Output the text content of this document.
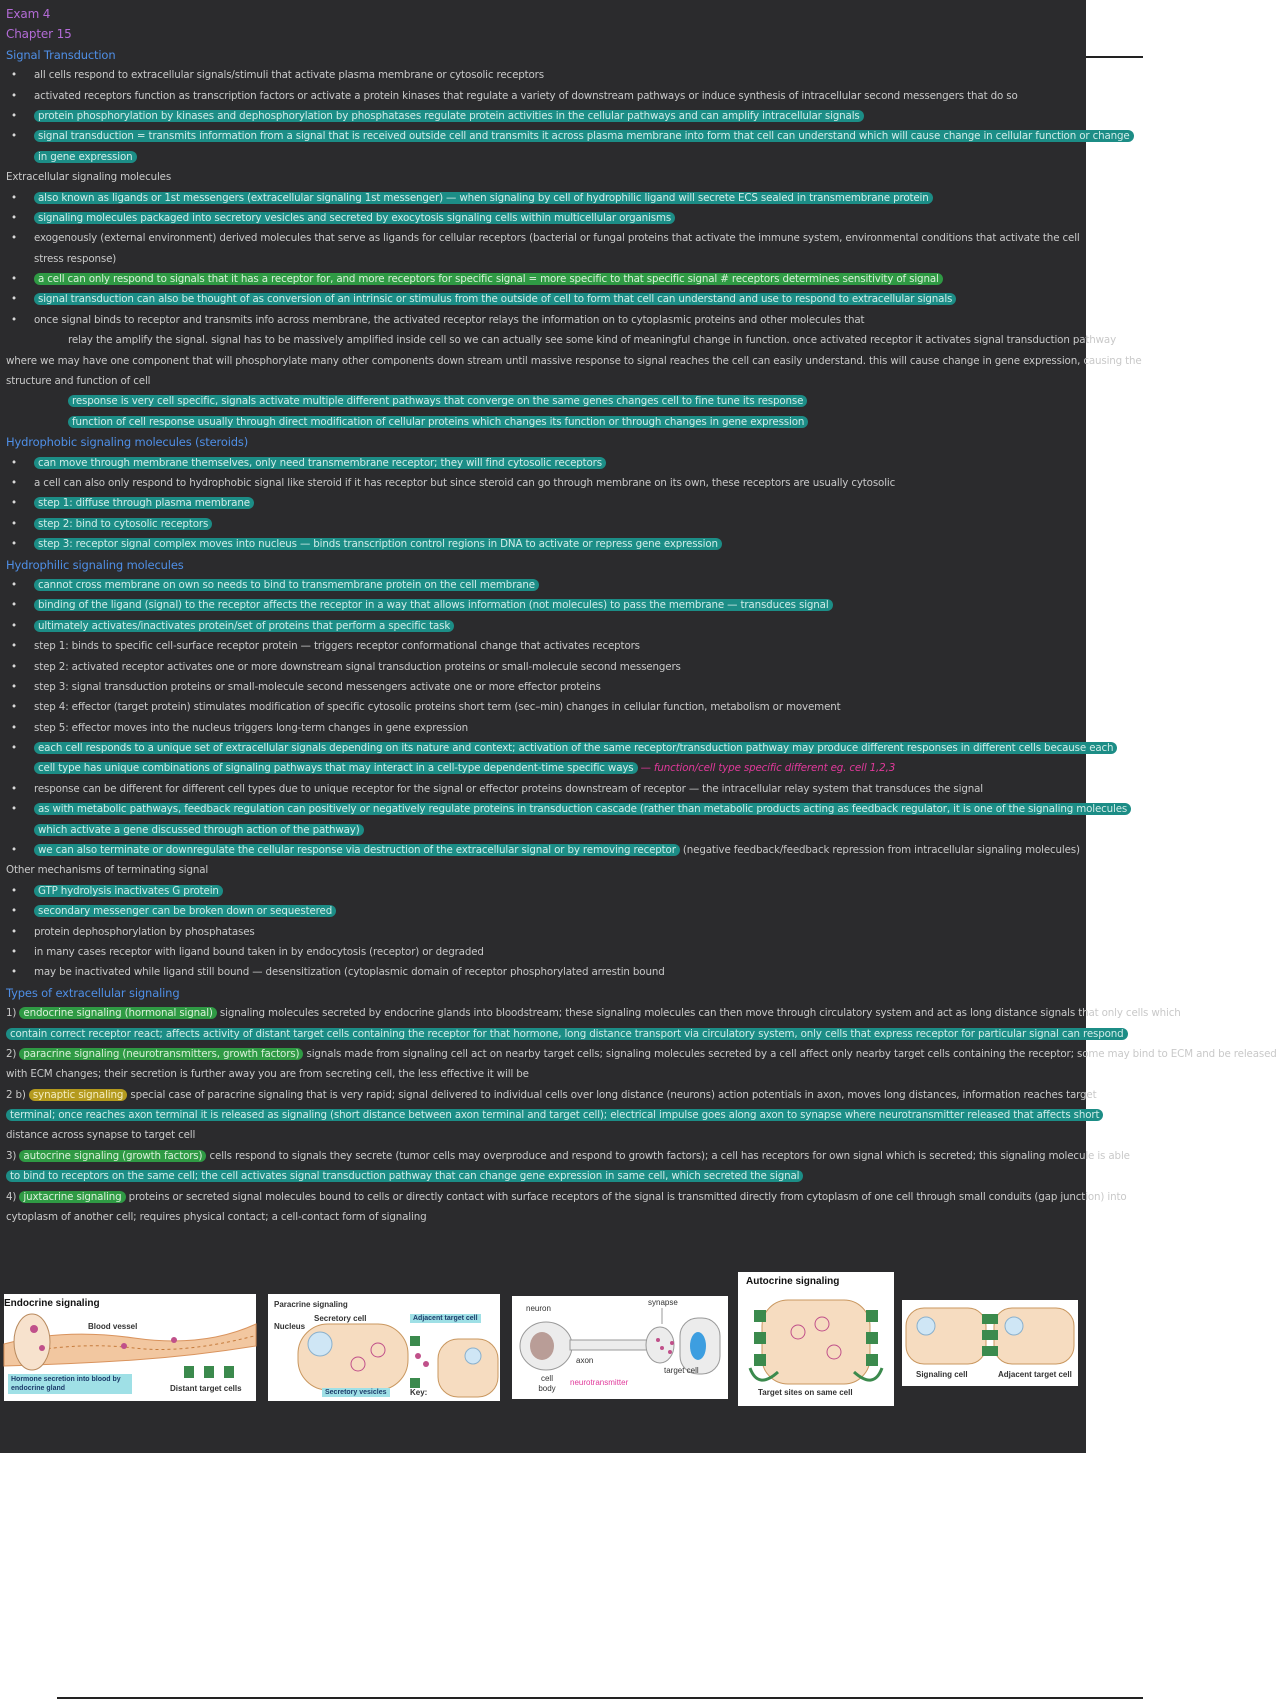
Exam 4
Chapter 15
Signal Transduction
• all cells respond to extracellular signals/stimuli that activate plasma membrane or cytosolic receptors
• activated receptors function as transcription factors or activate a protein kinases that regulate a variety of downstream pathways or induce synthesis of intracellular second messengers that do so
• protein phosphorylation by kinases and dephosphorylation by phosphatases regulate protein activities in the cellular pathways and can amplify intracellular signals
• signal transduction = transmits information from a signal that is received outside cell and transmits it across plasma membrane into form that cell can understand which will cause change in cellular function or change
in gene expression
Extracellular signaling molecules
• also known as ligands or 1st messengers (extracellular signaling 1st messenger) — when signaling by cell of hydrophilic ligand will secrete ECS sealed in transmembrane protein
• signaling molecules packaged into secretory vesicles and secreted by exocytosis signaling cells within multicellular organisms
• exogenously (external environment) derived molecules that serve as ligands for cellular receptors (bacterial or fungal proteins that activate the immune system, environmental conditions that activate the cell
stress response)
• a cell can only respond to signals that it has a receptor for, and more receptors for specific signal = more specific to that specific signal # receptors determines sensitivity of signal
• signal transduction can also be thought of as conversion of an intrinsic or stimulus from the outside of cell to form that cell can understand and use to respond to extracellular signals
• once signal binds to receptor and transmits info across membrane, the activated receptor relays the information on to cytoplasmic proteins and other molecules that
relay the amplify the signal. signal has to be massively amplified inside cell so we can actually see some kind of meaningful change in function. once activated receptor it activates signal transduction pathway
where we may have one component that will phosphorylate many other components down stream until massive response to signal reaches the cell can easily understand. this will cause change in gene expression, causing the
structure and function of cell
response is very cell specific, signals activate multiple different pathways that converge on the same genes changes cell to fine tune its response
function of cell response usually through direct modification of cellular proteins which changes its function or through changes in gene expression
Hydrophobic signaling molecules (steroids)
• can move through membrane themselves, only need transmembrane receptor; they will find cytosolic receptors
• a cell can also only respond to hydrophobic signal like steroid if it has receptor but since steroid can go through membrane on its own, these receptors are usually cytosolic
• step 1: diffuse through plasma membrane
• step 2: bind to cytosolic receptors
• step 3: receptor signal complex moves into nucleus — binds transcription control regions in DNA to activate or repress gene expression
Hydrophilic signaling molecules
• cannot cross membrane on own so needs to bind to transmembrane protein on the cell membrane
• binding of the ligand (signal) to the receptor affects the receptor in a way that allows information (not molecules) to pass the membrane — transduces signal
• ultimately activates/inactivates protein/set of proteins that perform a specific task
• step 1: binds to specific cell-surface receptor protein — triggers receptor conformational change that activates receptors
• step 2: activated receptor activates one or more downstream signal transduction proteins or small-molecule second messengers
• step 3: signal transduction proteins or small-molecule second messengers activate one or more effector proteins
• step 4: effector (target protein) stimulates modification of specific cytosolic proteins short term (sec–min) changes in cellular function, metabolism or movement
• step 5: effector moves into the nucleus triggers long-term changes in gene expression
• each cell responds to a unique set of extracellular signals depending on its nature and context; activation of the same receptor/transduction pathway may produce different responses in different cells because each
cell type has unique combinations of signaling pathways that may interact in a cell-type dependent-time specific ways — function/cell type specific different eg. cell 1,2,3
• response can be different for different cell types due to unique receptor for the signal or effector proteins downstream of receptor — the intracellular relay system that transduces the signal
• as with metabolic pathways, feedback regulation can positively or negatively regulate proteins in transduction cascade (rather than metabolic products acting as feedback regulator, it is one of the signaling molecules
which activate a gene discussed through action of the pathway)
• we can also terminate or downregulate the cellular response via destruction of the extracellular signal or by removing receptor (negative feedback/feedback repression from intracellular signaling molecules)
Other mechanisms of terminating signal
• GTP hydrolysis inactivates G protein
• secondary messenger can be broken down or sequestered
• protein dephosphorylation by phosphatases
• in many cases receptor with ligand bound taken in by endocytosis (receptor) or degraded
• may be inactivated while ligand still bound — desensitization (cytoplasmic domain of receptor phosphorylated arrestin bound
Types of extracellular signaling
1) endocrine signaling (hormonal signal) signaling molecules secreted by endocrine glands into bloodstream; these signaling molecules can then move through circulatory system and act as long distance signals that only cells which
contain correct receptor react; affects activity of distant target cells containing the receptor for that hormone, long distance transport via circulatory system, only cells that express receptor for particular signal can respond
2) paracrine signaling (neurotransmitters, growth factors) signals made from signaling cell act on nearby target cells; signaling molecules secreted by a cell affect only nearby target cells containing the receptor; some may bind to ECM and be released
with ECM changes; their secretion is further away you are from secreting cell, the less effective it will be
2 b) synaptic signaling special case of paracrine signaling that is very rapid; signal delivered to individual cells over long distance (neurons) action potentials in axon, moves long distances, information reaches target
terminal; once reaches axon terminal it is released as signaling (short distance between axon terminal and target cell); electrical impulse goes along axon to synapse where neurotransmitter released that affects short
distance across synapse to target cell
3) autocrine signaling (growth factors) cells respond to signals they secrete (tumor cells may overproduce and respond to growth factors); a cell has receptors for own signal which is secreted; this signaling molecule is able
to bind to receptors on the same cell; the cell activates signal transduction pathway that can change gene expression in same cell, which secreted the signal
4) juxtacrine signaling proteins or secreted signal molecules bound to cells or directly contact with surface receptors of the signal is transmitted directly from cytoplasm of one cell through small conduits (gap junction) into
cytoplasm of another cell; requires physical contact; a cell-contact form of signaling
Endocrine signaling
Blood vessel
Hormone secretion into blood by endocrine gland	Distant target cells
Paracrine signaling
Nucleus
Secretory cell	Adjacent target cell
Secretory vesicles	Key:
neuron
synapse
axon
cell body
neurotransmitter
target cell
Autocrine signaling
Target sites on same cell
Signaling cell	Adjacent target cell
